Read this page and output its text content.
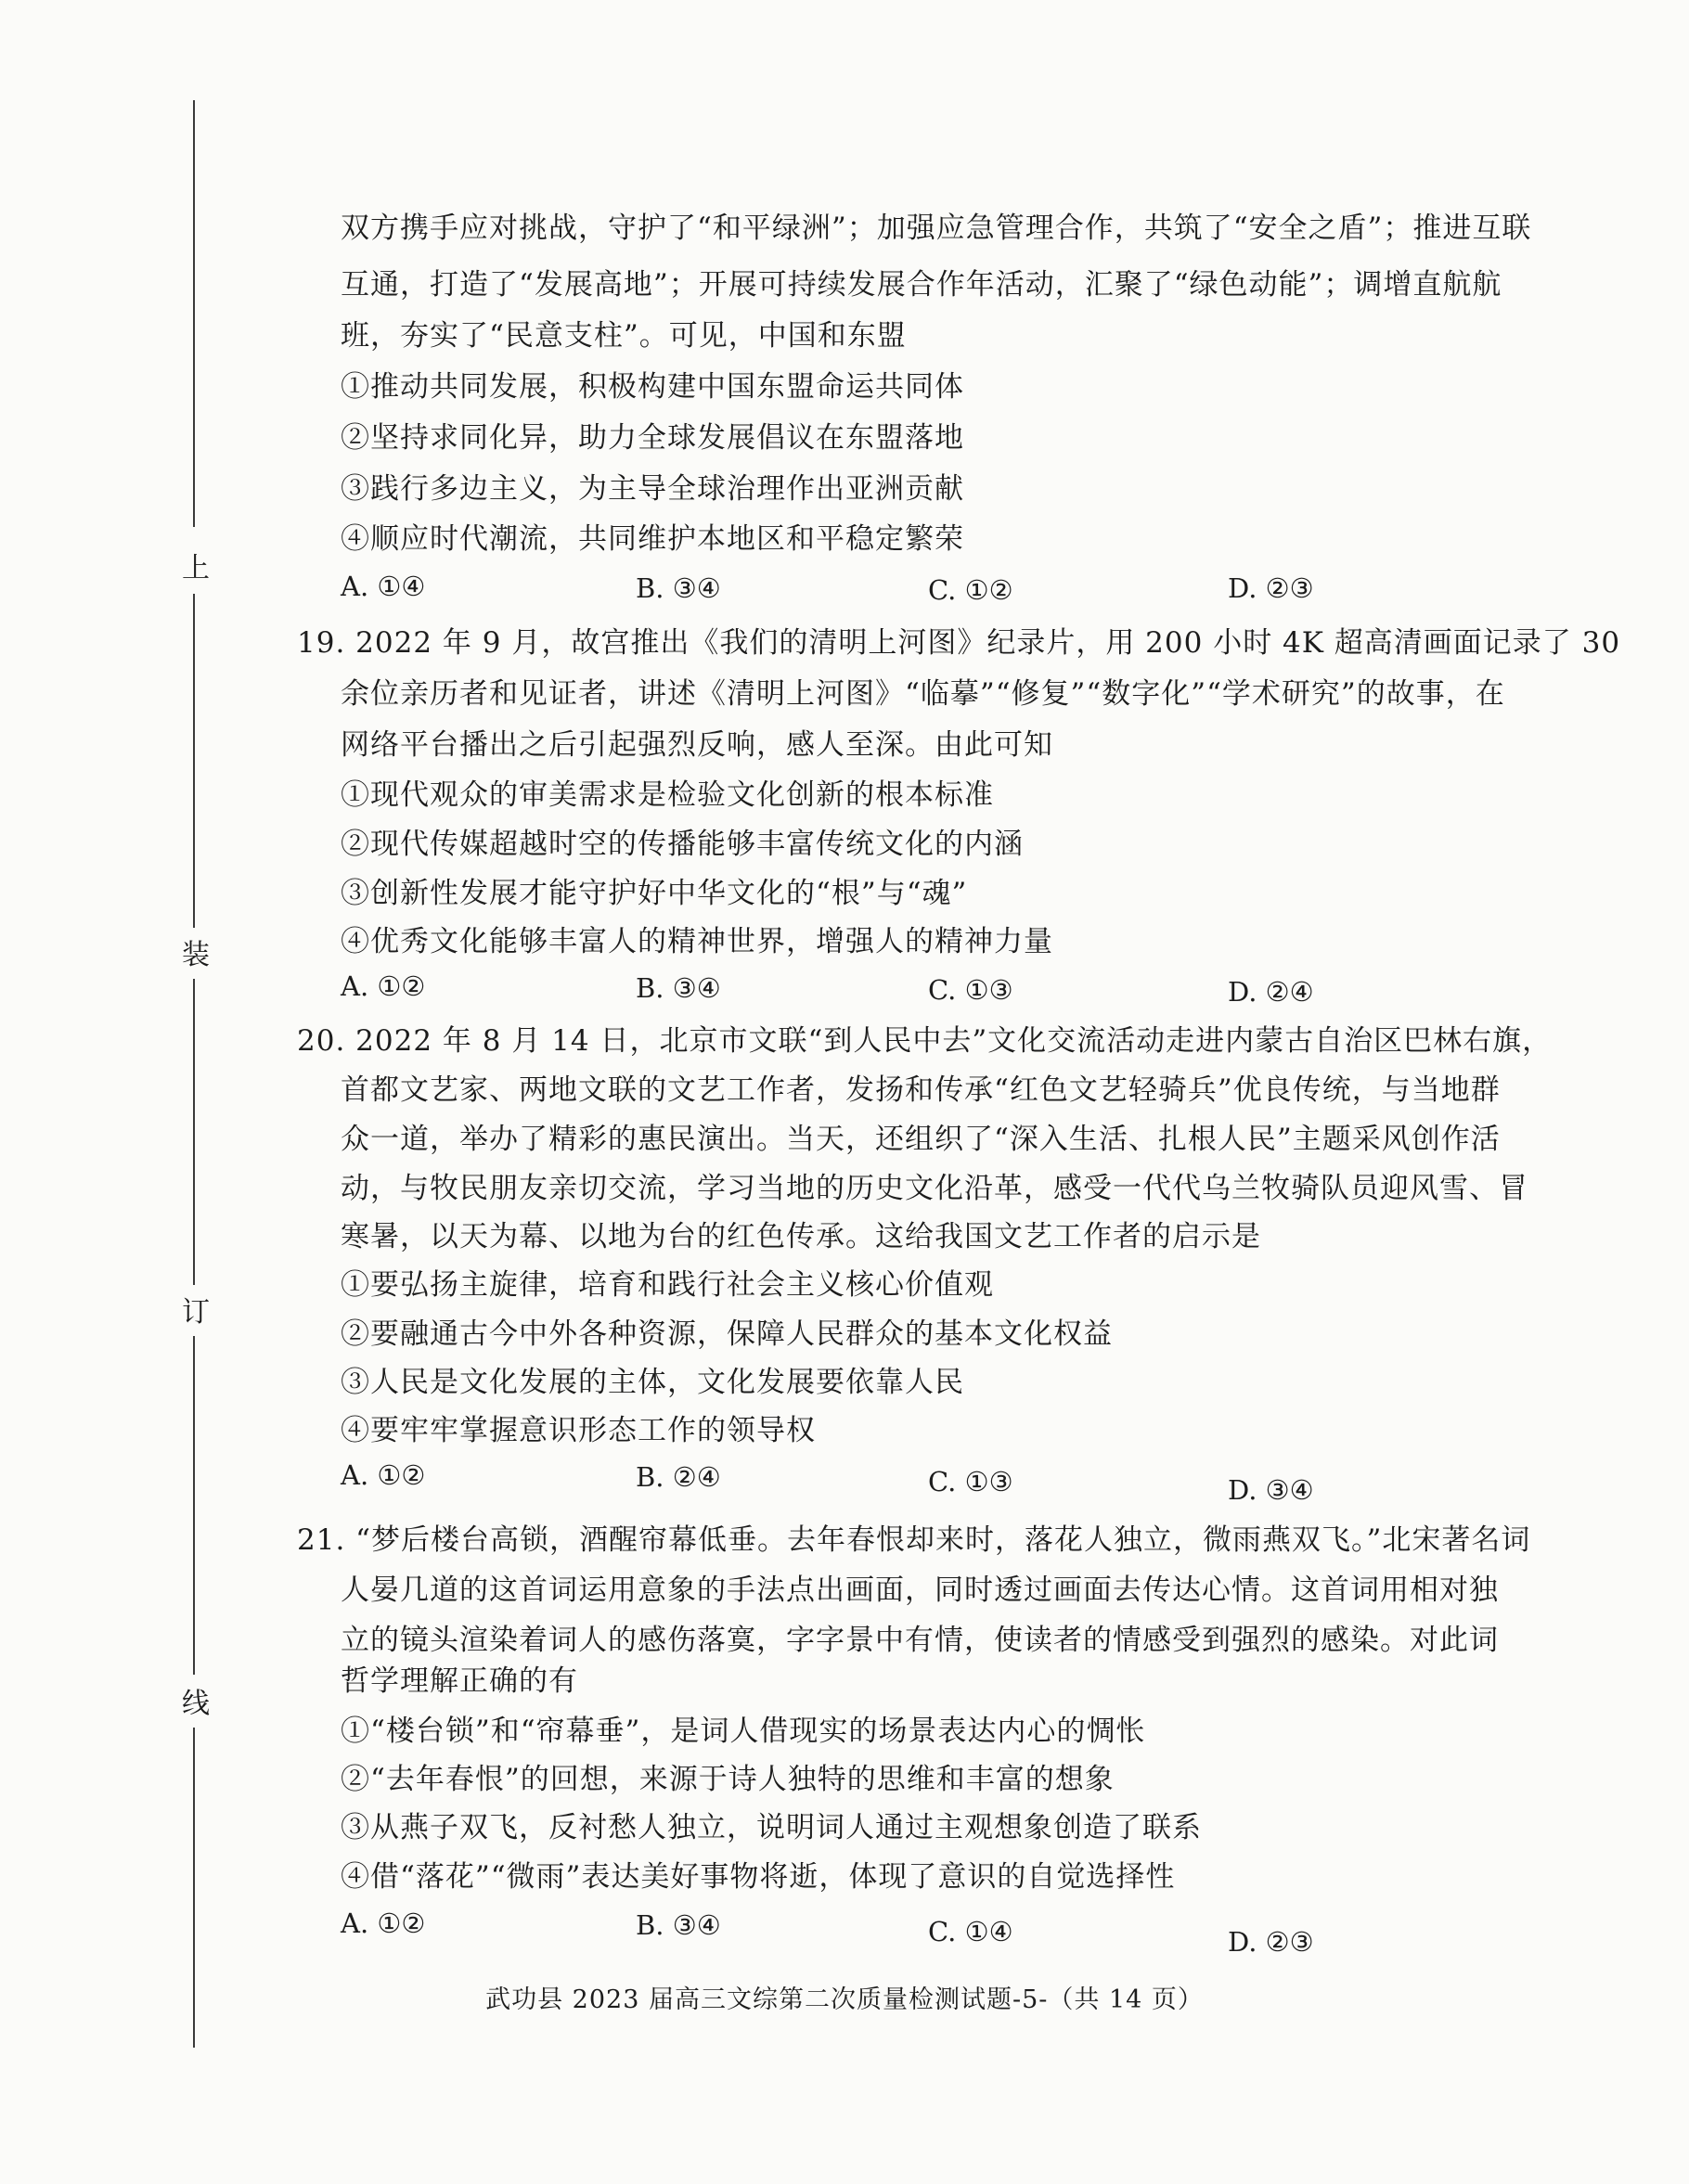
上
装
订
线
双方携手应对挑战，守护了“和平绿洲”；加强应急管理合作，共筑了“安全之盾”；推进互联
互通，打造了“发展高地”；开展可持续发展合作年活动，汇聚了“绿色动能”；调增直航航
班，夯实了“民意支柱”。可见，中国和东盟
①推动共同发展，积极构建中国东盟命运共同体
②坚持求同化异，助力全球发展倡议在东盟落地
③践行多边主义，为主导全球治理作出亚洲贡献
④顺应时代潮流，共同维护本地区和平稳定繁荣
A. ①④	B. ③④	C. ①②	D. ②③
19. 2022 年 9 月，故宫推出《我们的清明上河图》纪录片，用 200 小时 4K 超高清画面记录了 30
余位亲历者和见证者，讲述《清明上河图》“临摹”“修复”“数字化”“学术研究”的故事，在
网络平台播出之后引起强烈反响，感人至深。由此可知
①现代观众的审美需求是检验文化创新的根本标准
②现代传媒超越时空的传播能够丰富传统文化的内涵
③创新性发展才能守护好中华文化的“根”与“魂”
④优秀文化能够丰富人的精神世界，增强人的精神力量
A. ①②	B. ③④	C. ①③	D. ②④
20. 2022 年 8 月 14 日，北京市文联“到人民中去”文化交流活动走进内蒙古自治区巴林右旗，
首都文艺家、两地文联的文艺工作者，发扬和传承“红色文艺轻骑兵”优良传统，与当地群
众一道，举办了精彩的惠民演出。当天，还组织了“深入生活、扎根人民”主题采风创作活
动，与牧民朋友亲切交流，学习当地的历史文化沿革，感受一代代乌兰牧骑队员迎风雪、冒
寒暑，以天为幕、以地为台的红色传承。这给我国文艺工作者的启示是
①要弘扬主旋律，培育和践行社会主义核心价值观
②要融通古今中外各种资源，保障人民群众的基本文化权益
③人民是文化发展的主体，文化发展要依靠人民
④要牢牢掌握意识形态工作的领导权
A. ①②	B. ②④	C. ①③	D. ③④
21. “梦后楼台高锁，酒醒帘幕低垂。去年春恨却来时，落花人独立，微雨燕双飞。”北宋著名词
人晏几道的这首词运用意象的手法点出画面，同时透过画面去传达心情。这首词用相对独
立的镜头渲染着词人的感伤落寞，字字景中有情，使读者的情感受到强烈的感染。对此词
哲学理解正确的有
①“楼台锁”和“帘幕垂”，是词人借现实的场景表达内心的惆怅
②“去年春恨”的回想，来源于诗人独特的思维和丰富的想象
③从燕子双飞，反衬愁人独立，说明词人通过主观想象创造了联系
④借“落花”“微雨”表达美好事物将逝，体现了意识的自觉选择性
A. ①②	B. ③④	C. ①④	D. ②③
武功县 2023 届高三文综第二次质量检测试题-5-（共 14 页）
